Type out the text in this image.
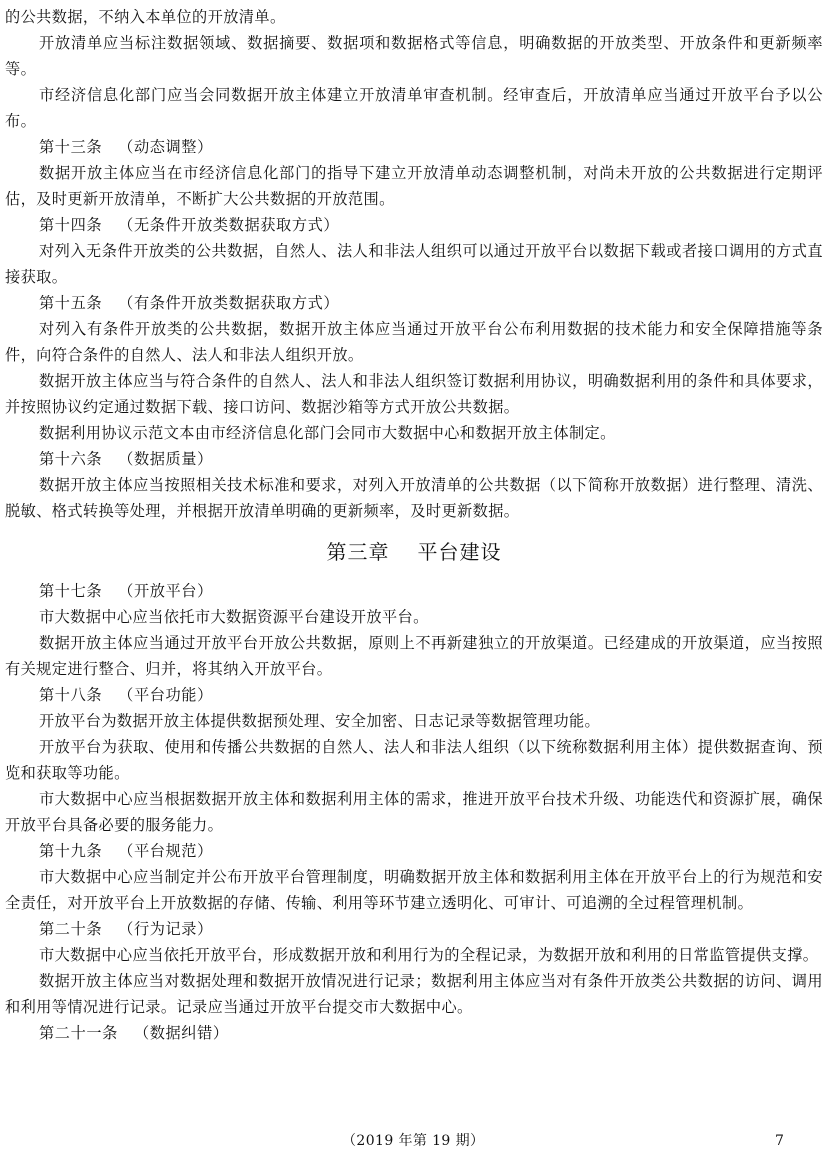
的公共数据，不纳入本单位的开放清单。

开放清单应当标注数据领域、数据摘要、数据项和数据格式等信息，明确数据的开放类型、开放条件和更新频率等。

市经济信息化部门应当会同数据开放主体建立开放清单审查机制。经审查后，开放清单应当通过开放平台予以公布。

第十三条 （动态调整）

数据开放主体应当在市经济信息化部门的指导下建立开放清单动态调整机制，对尚未开放的公共数据进行定期评估，及时更新开放清单，不断扩大公共数据的开放范围。

第十四条 （无条件开放类数据获取方式）

对列入无条件开放类的公共数据，自然人、法人和非法人组织可以通过开放平台以数据下载或者接口调用的方式直接获取。

第十五条 （有条件开放类数据获取方式）

对列入有条件开放类的公共数据，数据开放主体应当通过开放平台公布利用数据的技术能力和安全保障措施等条件，向符合条件的自然人、法人和非法人组织开放。

数据开放主体应当与符合条件的自然人、法人和非法人组织签订数据利用协议，明确数据利用的条件和具体要求，并按照协议约定通过数据下载、接口访问、数据沙箱等方式开放公共数据。

数据利用协议示范文本由市经济信息化部门会同市大数据中心和数据开放主体制定。

第十六条 （数据质量）

数据开放主体应当按照相关技术标准和要求，对列入开放清单的公共数据（以下简称开放数据）进行整理、清洗、脱敏、格式转换等处理，并根据开放清单明确的更新频率，及时更新数据。

第三章 平台建设

第十七条 （开放平台）

市大数据中心应当依托市大数据资源平台建设开放平台。

数据开放主体应当通过开放平台开放公共数据，原则上不再新建独立的开放渠道。已经建成的开放渠道，应当按照有关规定进行整合、归并，将其纳入开放平台。

第十八条 （平台功能）

开放平台为数据开放主体提供数据预处理、安全加密、日志记录等数据管理功能。

开放平台为获取、使用和传播公共数据的自然人、法人和非法人组织（以下统称数据利用主体）提供数据查询、预览和获取等功能。

市大数据中心应当根据数据开放主体和数据利用主体的需求，推进开放平台技术升级、功能迭代和资源扩展，确保开放平台具备必要的服务能力。

第十九条 （平台规范）

市大数据中心应当制定并公布开放平台管理制度，明确数据开放主体和数据利用主体在开放平台上的行为规范和安全责任，对开放平台上开放数据的存储、传输、利用等环节建立透明化、可审计、可追溯的全过程管理机制。

第二十条 （行为记录）

市大数据中心应当依托开放平台，形成数据开放和利用行为的全程记录，为数据开放和利用的日常监管提供支撑。

数据开放主体应当对数据处理和数据开放情况进行记录；数据利用主体应当对有条件开放类公共数据的访问、调用和利用等情况进行记录。记录应当通过开放平台提交市大数据中心。

第二十一条 （数据纠错）

（2019 年第 19 期）	7
